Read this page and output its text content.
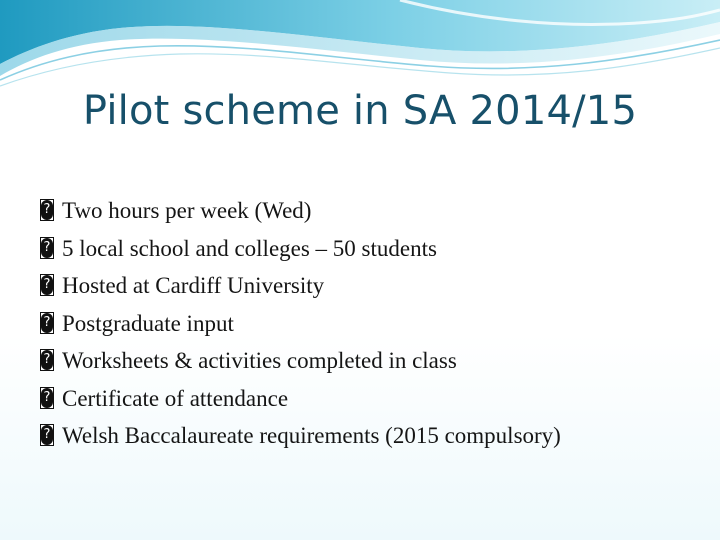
Pilot scheme in SA 2014/15
?
Two hours per week (Wed)
?
5 local school and colleges – 50 students
?
Hosted at Cardiff University
?
Postgraduate input
?
Worksheets & activities completed in class
?
Certificate of attendance
?
Welsh Baccalaureate requirements (2015 compulsory)
